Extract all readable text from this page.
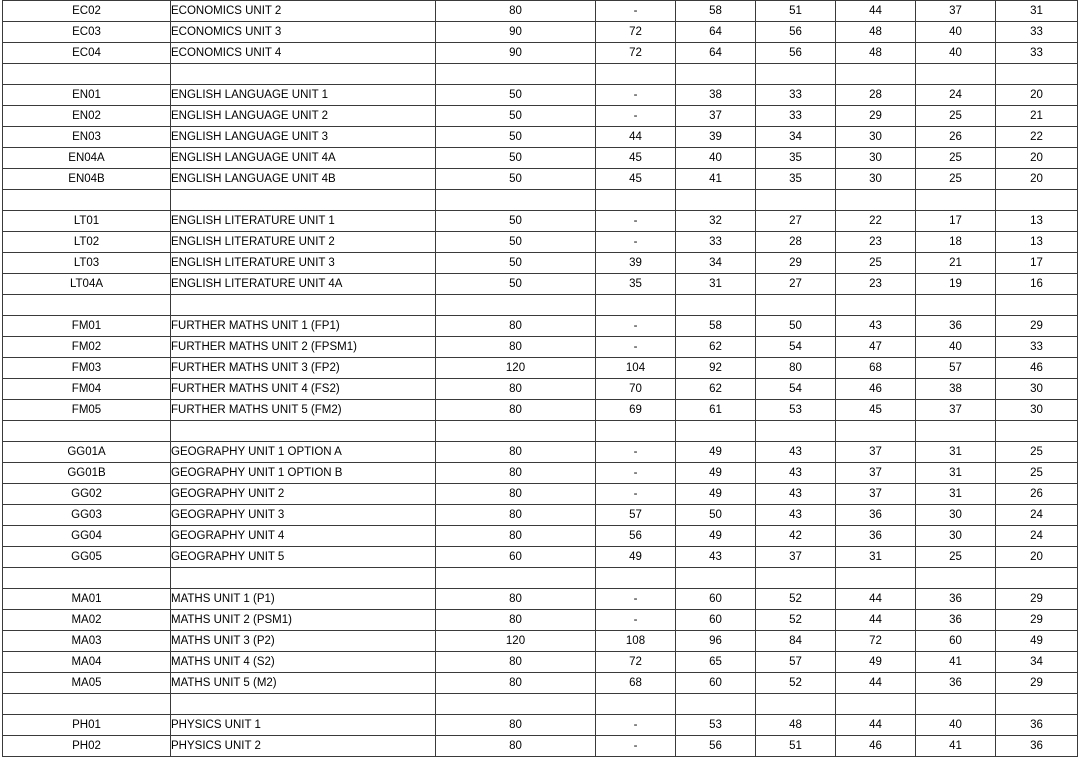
EC02	ECONOMICS UNIT 2	80	-	58	51	44	37	31
EC03	ECONOMICS UNIT 3	90	72	64	56	48	40	33
EC04	ECONOMICS UNIT 4	90	72	64	56	48	40	33

EN01	ENGLISH LANGUAGE UNIT 1	50	-	38	33	28	24	20
EN02	ENGLISH LANGUAGE UNIT 2	50	-	37	33	29	25	21
EN03	ENGLISH LANGUAGE UNIT 3	50	44	39	34	30	26	22
EN04A	ENGLISH LANGUAGE UNIT 4A	50	45	40	35	30	25	20
EN04B	ENGLISH LANGUAGE UNIT 4B	50	45	41	35	30	25	20

LT01	ENGLISH LITERATURE UNIT 1	50	-	32	27	22	17	13
LT02	ENGLISH LITERATURE UNIT 2	50	-	33	28	23	18	13
LT03	ENGLISH LITERATURE UNIT 3	50	39	34	29	25	21	17
LT04A	ENGLISH LITERATURE UNIT 4A	50	35	31	27	23	19	16

FM01	FURTHER MATHS UNIT 1 (FP1)	80	-	58	50	43	36	29
FM02	FURTHER MATHS UNIT 2 (FPSM1)	80	-	62	54	47	40	33
FM03	FURTHER MATHS UNIT 3 (FP2)	120	104	92	80	68	57	46
FM04	FURTHER MATHS UNIT 4 (FS2)	80	70	62	54	46	38	30
FM05	FURTHER MATHS UNIT 5 (FM2)	80	69	61	53	45	37	30

GG01A	GEOGRAPHY UNIT 1 OPTION A	80	-	49	43	37	31	25
GG01B	GEOGRAPHY UNIT 1 OPTION B	80	-	49	43	37	31	25
GG02	GEOGRAPHY UNIT 2	80	-	49	43	37	31	26
GG03	GEOGRAPHY UNIT 3	80	57	50	43	36	30	24
GG04	GEOGRAPHY UNIT 4	80	56	49	42	36	30	24
GG05	GEOGRAPHY UNIT 5	60	49	43	37	31	25	20

MA01	MATHS UNIT 1 (P1)	80	-	60	52	44	36	29
MA02	MATHS UNIT 2 (PSM1)	80	-	60	52	44	36	29
MA03	MATHS UNIT 3 (P2)	120	108	96	84	72	60	49
MA04	MATHS UNIT 4 (S2)	80	72	65	57	49	41	34
MA05	MATHS UNIT 5 (M2)	80	68	60	52	44	36	29

PH01	PHYSICS UNIT 1	80	-	53	48	44	40	36
PH02	PHYSICS UNIT 2	80	-	56	51	46	41	36
